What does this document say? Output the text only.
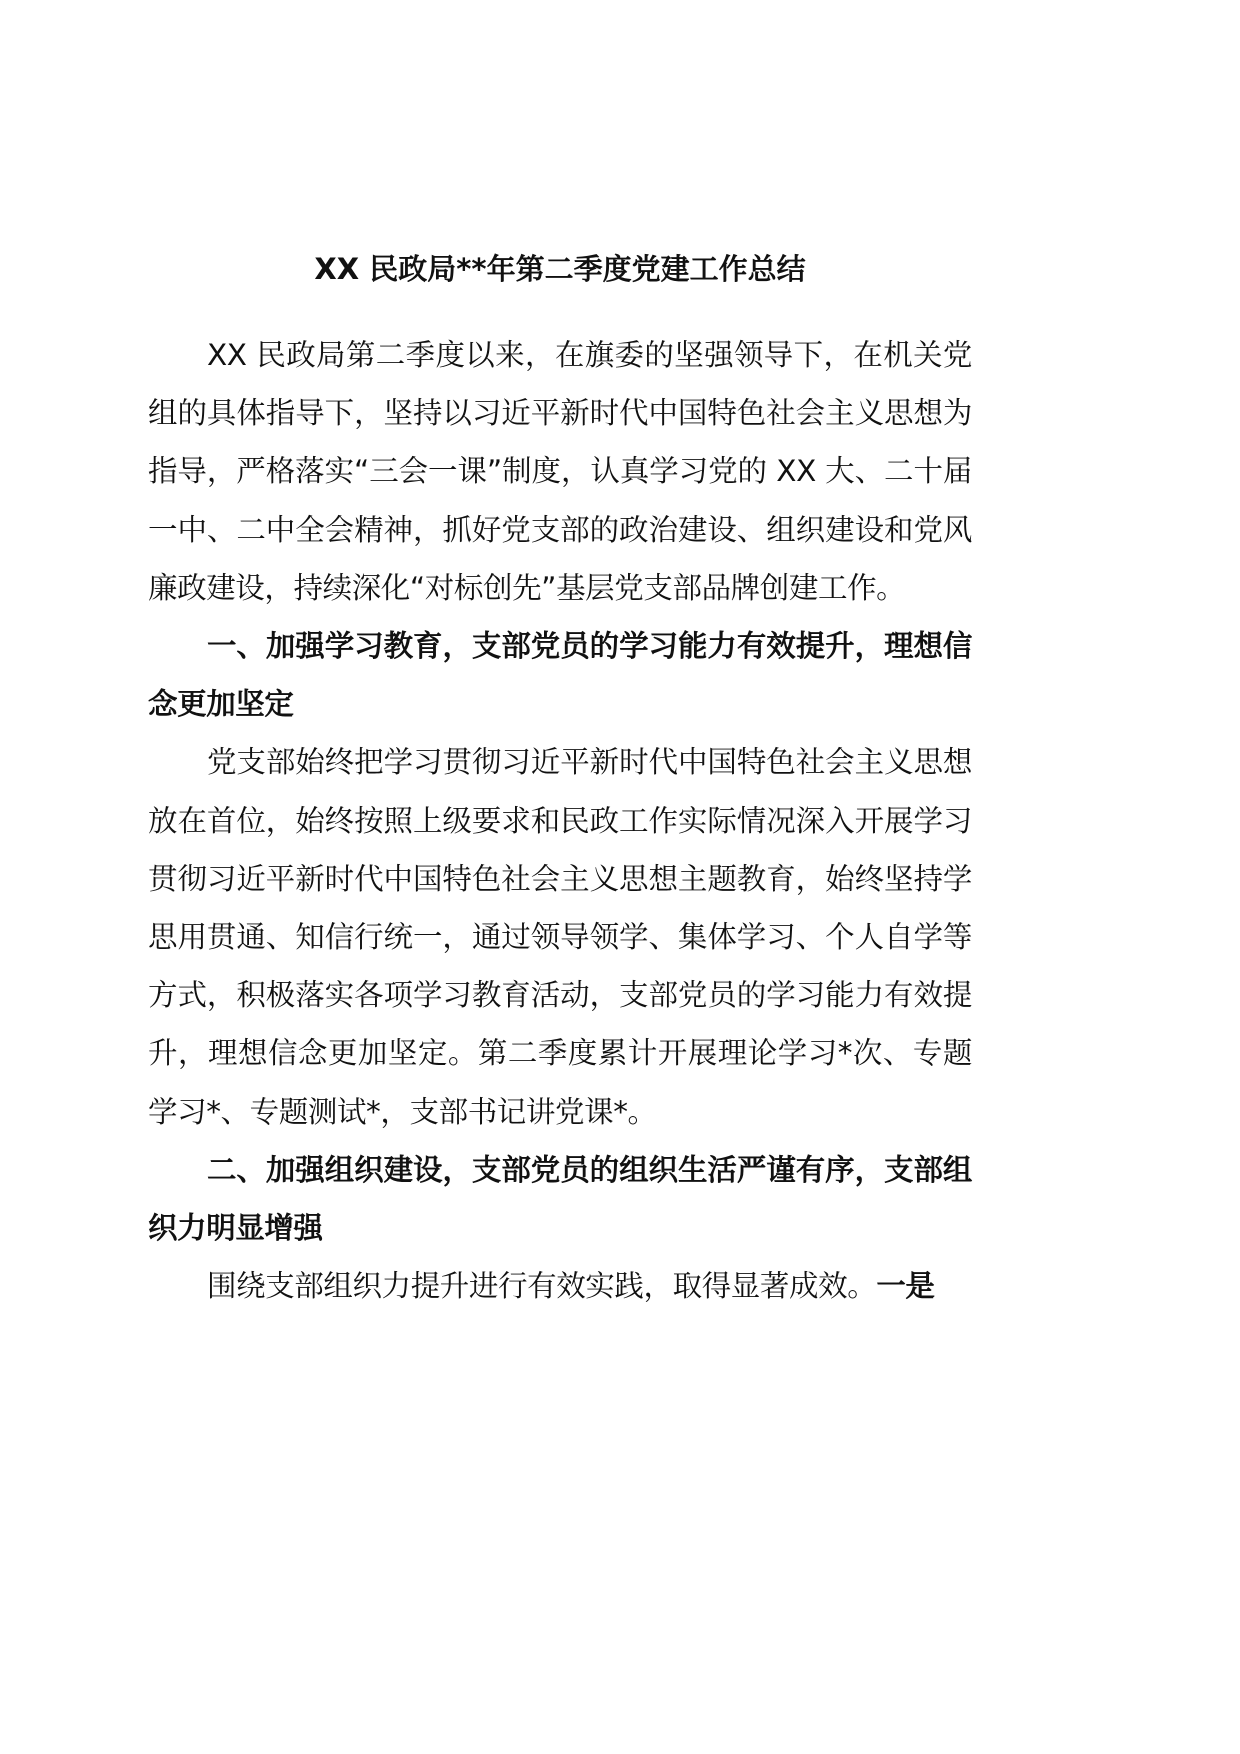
XX 民政局**年第二季度党建工作总结

XX 民政局第二季度以来，在旗委的坚强领导下，在机关党组的具体指导下，坚持以习近平新时代中国特色社会主义思想为指导，严格落实“三会一课”制度，认真学习党的 XX 大、二十届一中、二中全会精神，抓好党支部的政治建设、组织建设和党风廉政建设，持续深化“对标创先”基层党支部品牌创建工作。

一、加强学习教育，支部党员的学习能力有效提升，理想信念更加坚定

党支部始终把学习贯彻习近平新时代中国特色社会主义思想放在首位，始终按照上级要求和民政工作实际情况深入开展学习贯彻习近平新时代中国特色社会主义思想主题教育，始终坚持学思用贯通、知信行统一，通过领导领学、集体学习、个人自学等方式，积极落实各项学习教育活动，支部党员的学习能力有效提升，理想信念更加坚定。第二季度累计开展理论学习*次、专题学习*、专题测试*，支部书记讲党课*。

二、加强组织建设，支部党员的组织生活严谨有序，支部组织力明显增强

围绕支部组织力提升进行有效实践，取得显著成效。一是
